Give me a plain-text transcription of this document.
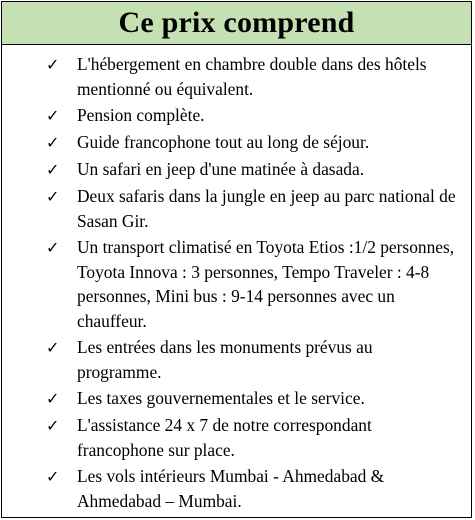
Ce prix comprend
✓	L'hébergement en chambre double dans des hôtels mentionné ou équivalent.
✓	Pension complète.
✓	Guide francophone tout au long de séjour.
✓	Un safari en jeep d'une matinée à dasada.
✓	Deux safaris dans la jungle en jeep au parc national de Sasan Gir.
✓	Un transport climatisé en Toyota Etios :1/2 personnes, Toyota Innova : 3 personnes, Tempo Traveler : 4-8 personnes, Mini bus : 9-14 personnes avec un chauffeur.
✓	Les entrées dans les monuments prévus au programme.
✓	Les taxes gouvernementales et le service.
✓	L'assistance 24 x 7 de notre correspondant francophone sur place.
✓	Les vols intérieurs Mumbai - Ahmedabad & Ahmedabad – Mumbai.
